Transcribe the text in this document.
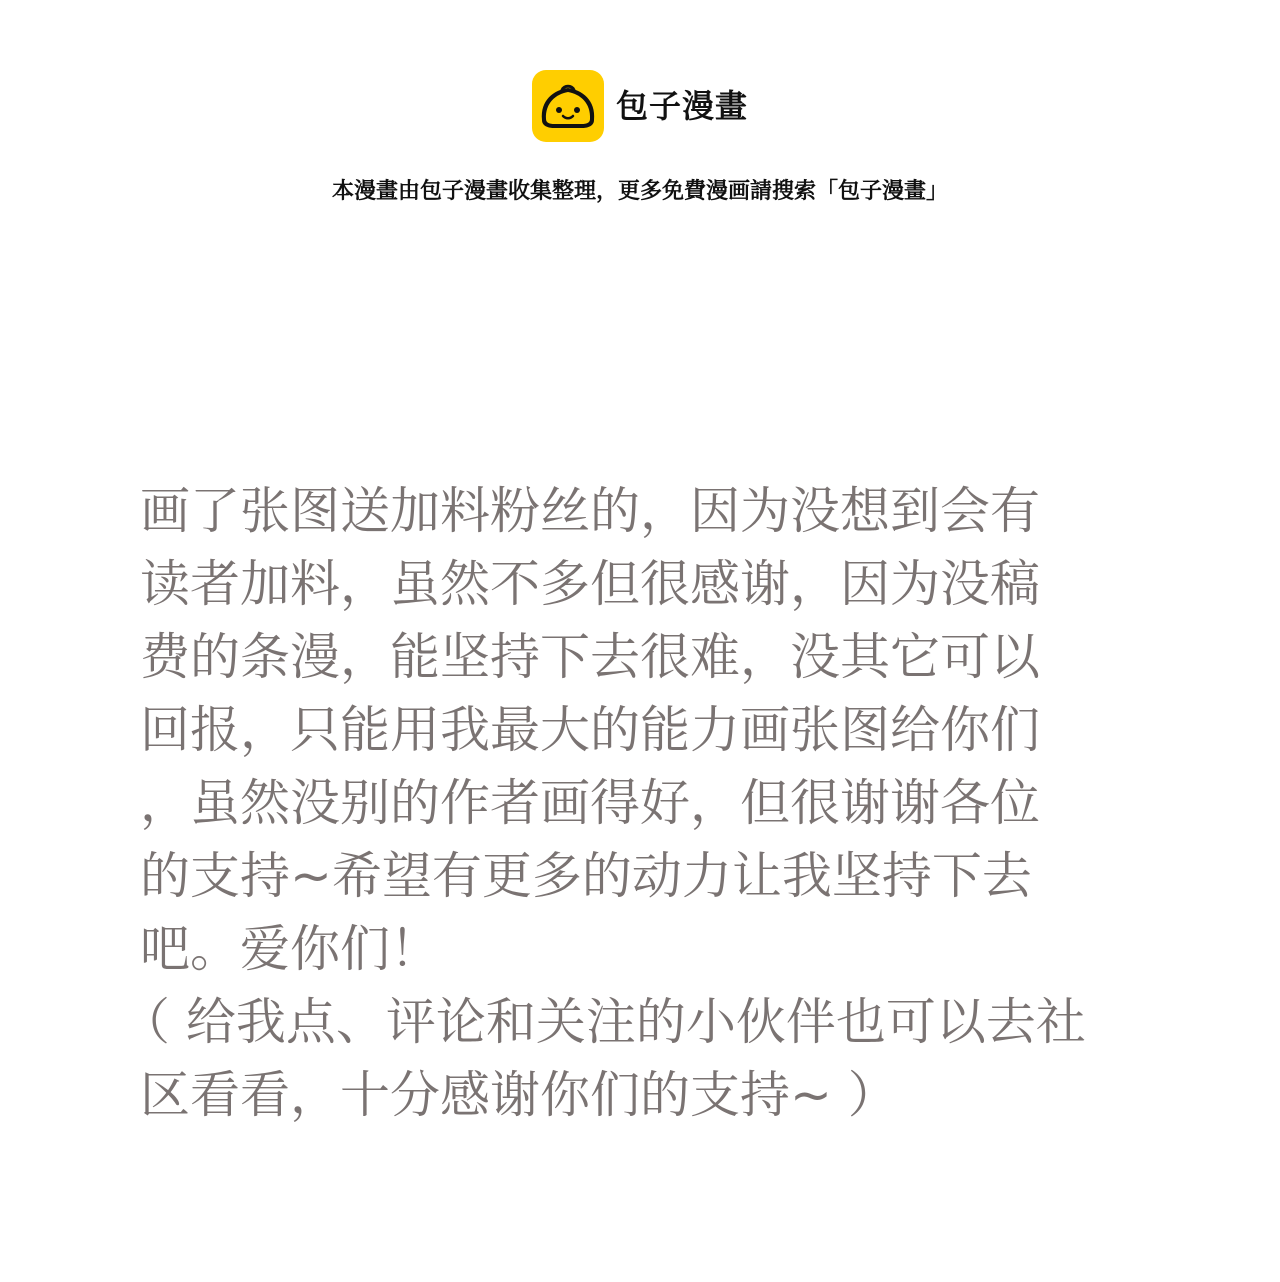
包子漫畫
本漫畫由包子漫畫收集整理，更多免費漫画請搜索「包子漫畫」
画了张图送加料粉丝的，因为没想到会有
读者加料，虽然不多但很感谢，因为没稿
费的条漫，能坚持下去很难，没其它可以
回报，只能用我最大的能力画张图给你们
，虽然没别的作者画得好，但很谢谢各位
的支持~希望有更多的动力让我坚持下去
吧。爱你们！
（ 给我点、评论和关注的小伙伴也可以去社
区看看，十分感谢你们的支持~ ）
